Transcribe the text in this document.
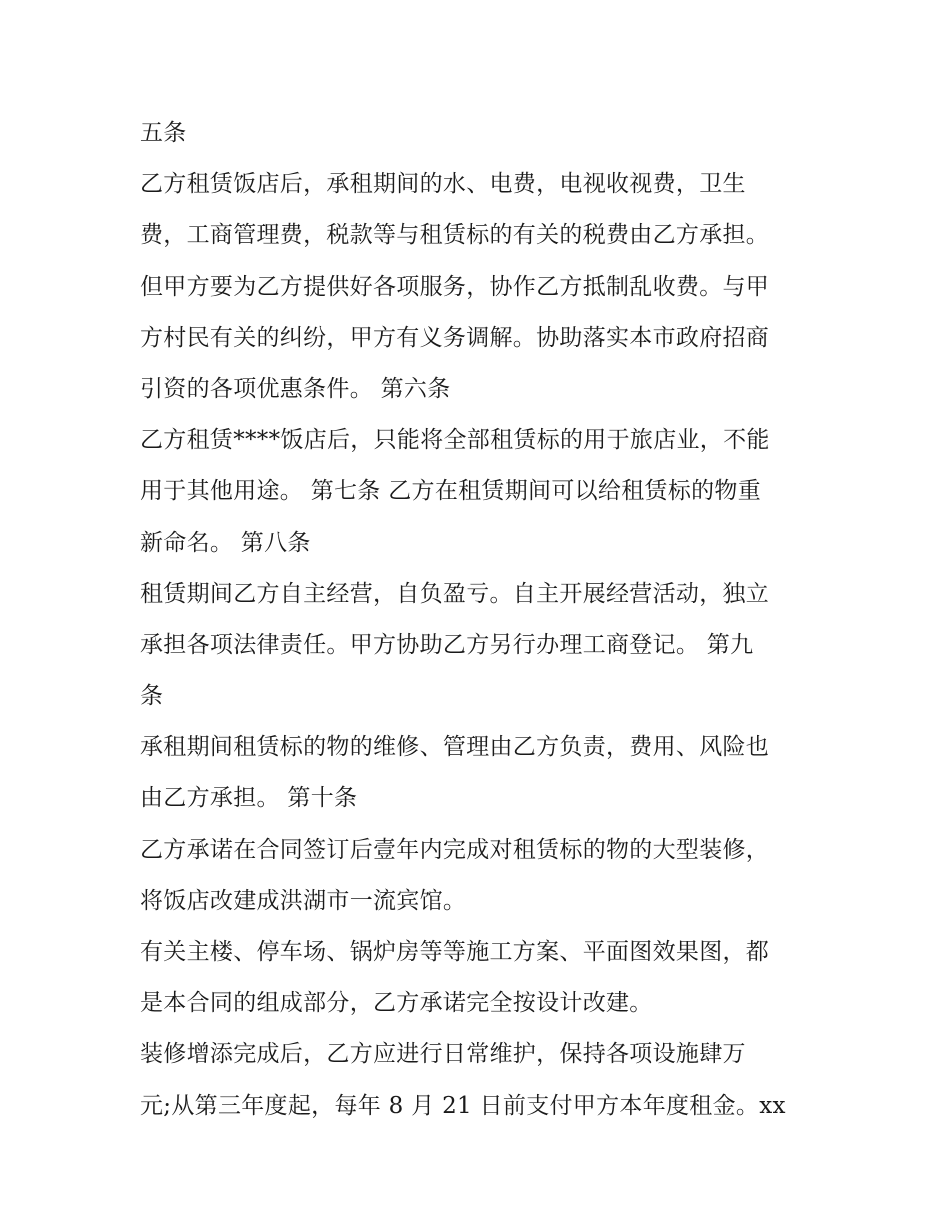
五条
乙方租赁饭店后，承租期间的水、电费，电视收视费，卫生
费，工商管理费，税款等与租赁标的有关的税费由乙方承担。
但甲方要为乙方提供好各项服务，协作乙方抵制乱收费。与甲
方村民有关的纠纷，甲方有义务调解。协助落实本市政府招商
引资的各项优惠条件。 第六条
乙方租赁****饭店后，只能将全部租赁标的用于旅店业，不能
用于其他用途。 第七条 乙方在租赁期间可以给租赁标的物重
新命名。 第八条
租赁期间乙方自主经营，自负盈亏。自主开展经营活动，独立
承担各项法律责任。甲方协助乙方另行办理工商登记。 第九
条
承租期间租赁标的物的维修、管理由乙方负责，费用、风险也
由乙方承担。 第十条
乙方承诺在合同签订后壹年内完成对租赁标的物的大型装修，
将饭店改建成洪湖市一流宾馆。
有关主楼、停车场、锅炉房等等施工方案、平面图效果图，都
是本合同的组成部分，乙方承诺完全按设计改建。
装修增添完成后，乙方应进行日常维护，保持各项设施肆万
元;从第三年度起，每年 8 月 21 日前支付甲方本年度租金。xx
